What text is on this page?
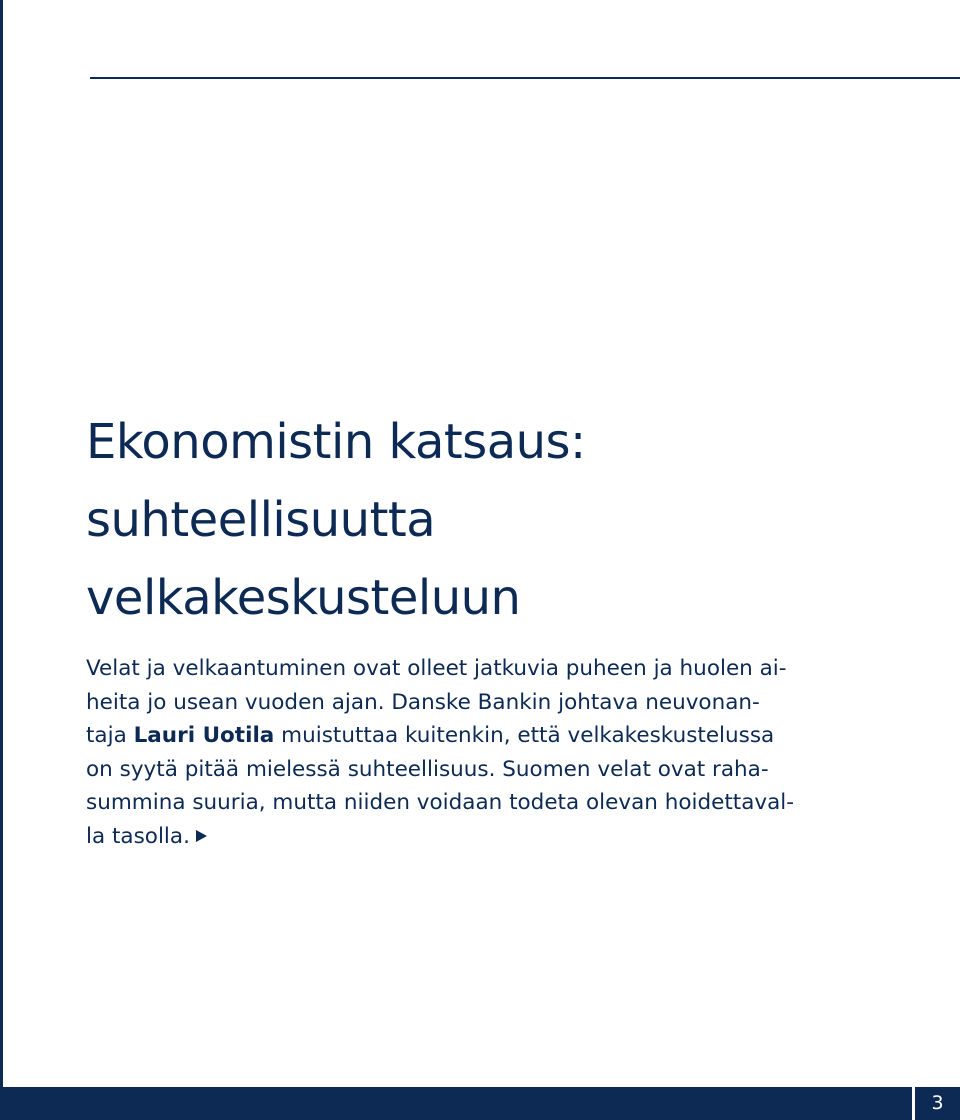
Ekonomistin katsaus:
suhteellisuutta
velkakeskusteluun
Velat ja velkaantuminen ovat olleet jatkuvia puheen ja huolen ai-
heita jo usean vuoden ajan. Danske Bankin johtava neuvonan-
taja Lauri Uotila muistuttaa kuitenkin, että velkakeskustelussa
on syytä pitää mielessä suhteellisuus. Suomen velat ovat raha-
summina suuria, mutta niiden voidaan todeta olevan hoidettaval-
la tasolla.
3
